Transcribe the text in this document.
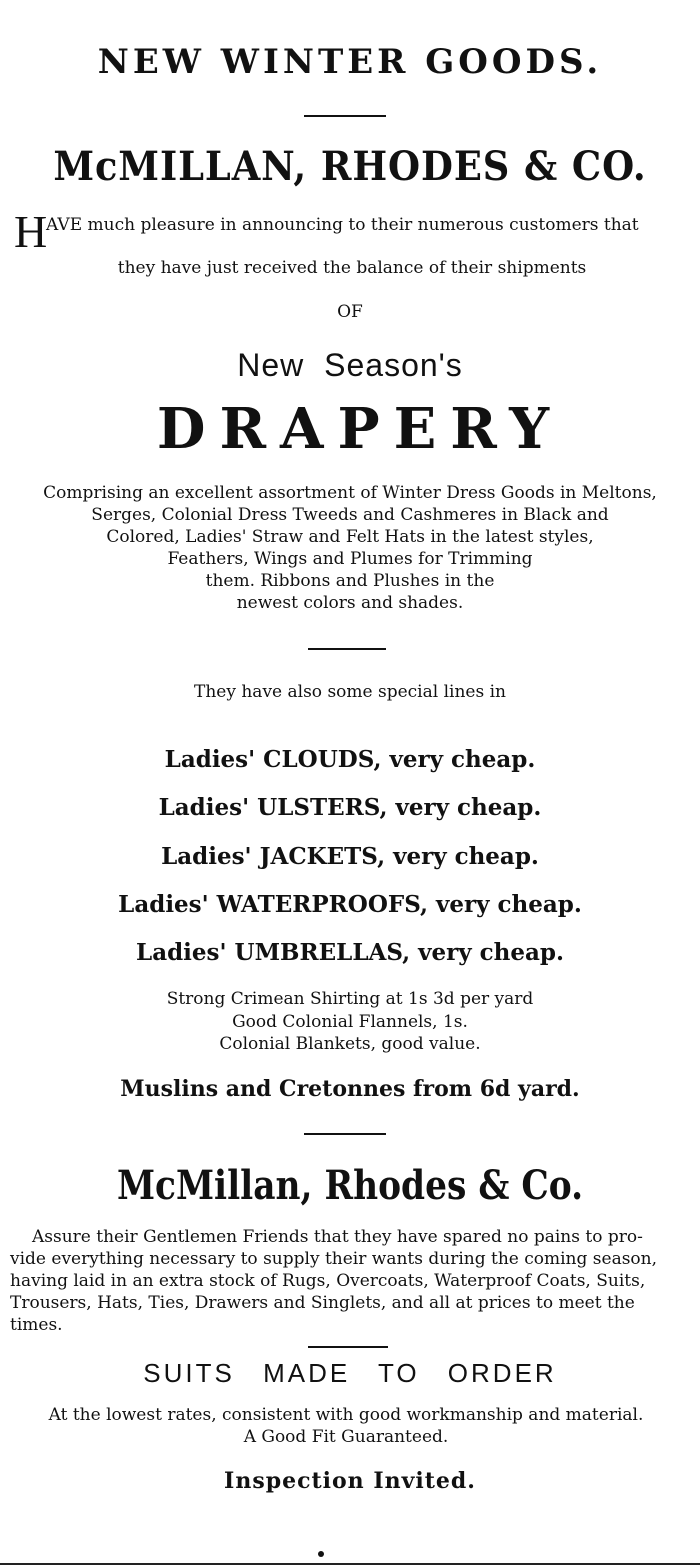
NEW WINTER GOODS.
McMILLAN, RHODES & CO.
H
AVE much pleasure in announcing to their numerous customers that
they have just received the balance of their shipments
OF
New Season's
DRAPERY
Comprising an excellent assortment of Winter Dress Goods in Meltons,
Serges, Colonial Dress Tweeds and Cashmeres in Black and
Colored, Ladies' Straw and Felt Hats in the latest styles,
Feathers, Wings and Plumes for Trimming
them. Ribbons and Plushes in the
newest colors and shades.
They have also some special lines in
Ladies' CLOUDS, very cheap.
Ladies' ULSTERS, very cheap.
Ladies' JACKETS, very cheap.
Ladies' WATERPROOFS, very cheap.
Ladies' UMBRELLAS, very cheap.
Strong Crimean Shirting at 1s 3d per yard
Good Colonial Flannels, 1s.
Colonial Blankets, good value.
Muslins and Cretonnes from 6d yard.
McMillan, Rhodes & Co.
Assure their Gentlemen Friends that they have spared no pains to pro-
vide everything necessary to supply their wants during the coming season,
having laid in an extra stock of Rugs, Overcoats, Waterproof Coats, Suits,
Trousers, Hats, Ties, Drawers and Singlets, and all at prices to meet the
times.
SUITS MADE TO ORDER
At the lowest rates, consistent with good workmanship and material.
A Good Fit Guaranteed.
Inspection Invited.
